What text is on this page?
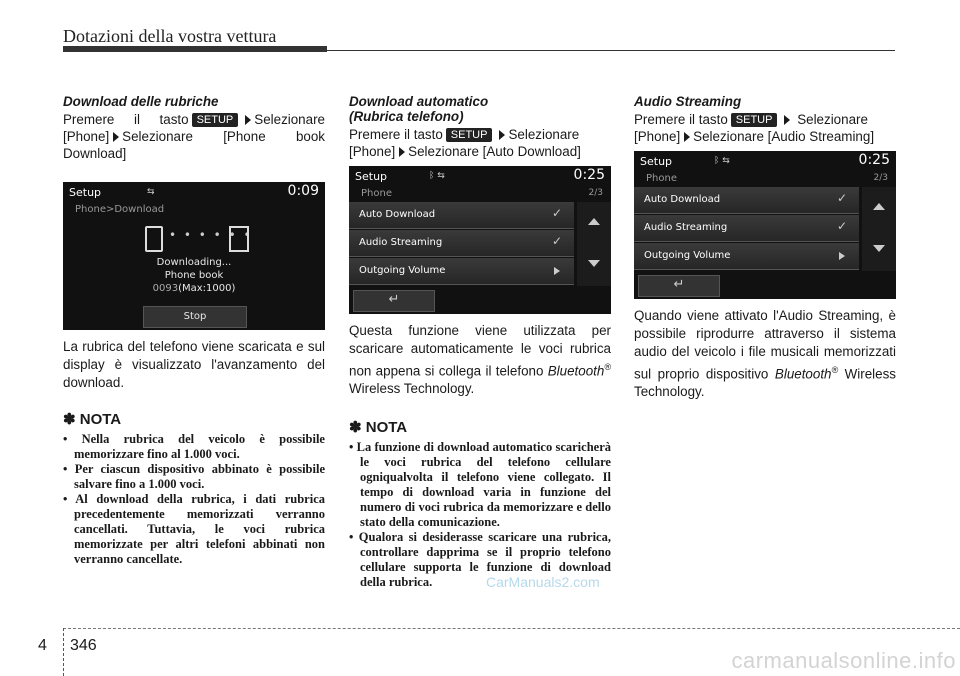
Dotazioni della vostra vettura

Download delle rubriche

Premere il tasto SETUP Selezionare [Phone] Selezionare [Phone book Download]

Setup	⇆	0:09
Phone>Download
• • • • • •
Downloading...
Phone book
0093(Max:1000)
Stop

La rubrica del telefono viene scaricata e sul display è visualizzato l'avanzamento del download.

✽ NOTA

• Nella rubrica del veicolo è possibile memorizzare fino al 1.000 voci.
• Per ciascun dispositivo abbinato è possibile salvare fino a 1.000 voci.
• Al download della rubrica, i dati rubrica precedentemente memorizzati verranno cancellati. Tuttavia, le voci rubrica memorizzate per altri telefoni abbinati non verranno cancellate.

Download automatico

(Rubrica telefono)

Premere il tasto SETUP Selezionare [Phone] Selezionare [Auto Download]

Setup	ᛒ ⇆	0:25
Phone	2/3
Auto Download	✓
Audio Streaming	✓
Outgoing Volume
↵

Questa funzione viene utilizzata per scaricare automaticamente le voci rubrica non appena si collega il telefono Bluetooth® Wireless Technology.

✽ NOTA

• La funzione di download automatico scaricherà le voci rubrica del telefono cellulare ogniqualvolta il telefono viene collegato. Il tempo di download varia in funzione del numero di voci rubrica da memorizzare e dello stato della comunicazione.
• Qualora si desiderasse scaricare una rubrica, controllare dapprima se il proprio telefono cellulare supporta le funzione di download della rubrica.

Audio Streaming

Premere il tasto SETUP Selezionare [Phone] Selezionare [Audio Streaming]

Setup	ᛒ ⇆	0:25
Phone	2/3
Auto Download	✓
Audio Streaming	✓
Outgoing Volume
↵

Quando viene attivato l'Audio Streaming, è possibile riprodurre attraverso il sistema audio del veicolo i file musicali memorizzati sul proprio dispositivo Bluetooth® Wireless Technology.

CarManuals2.com
4 346
carmanualsonline.info
